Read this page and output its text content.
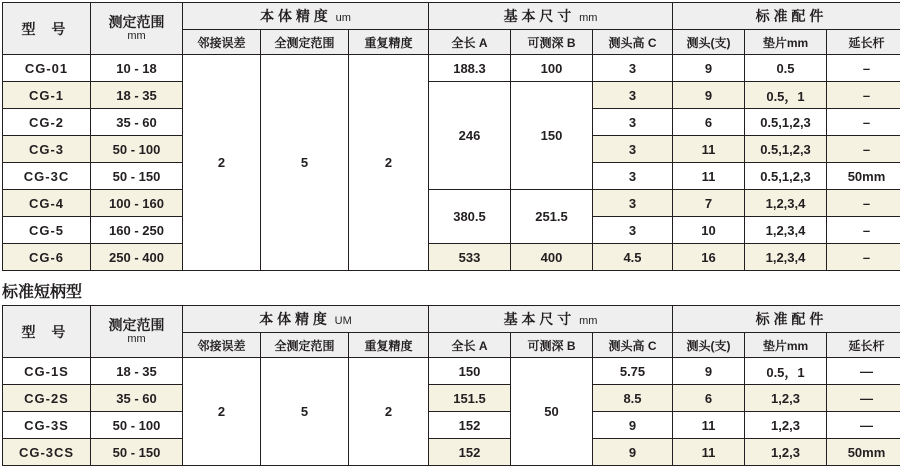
型 号	测定范围
mm	本 体 精 度 um			基 本 尺 寸 mm			标 准 配 件		
		邻接误差	全测定范围	重复精度	全长 A	可测深 B	测头高 C	测头(支)	垫片mm	延长杆
CG-01	10 - 18	2	5	2	188.3	100	3	9	0.5	–
CG-1	18 - 35				246	150	3	9	0.5，1	–
CG-2	35 - 60						3	6	0.5,1,2,3	–
CG-3	50 - 100						3	11	0.5,1,2,3	–
CG-3C	50 - 150						3	11	0.5,1,2,3	50mm
CG-4	100 - 160				380.5	251.5	3	7	1,2,3,4	–
CG-5	160 - 250						3	10	1,2,3,4	–
CG-6	250 - 400				533	400	4.5	16	1,2,3,4	–
标准短柄型
型 号	测定范围
mm	本 体 精 度 UM			基 本 尺 寸 mm			标 准 配 件		
		邻接误差	全测定范围	重复精度	全长 A	可测深 B	测头高 C	测头(支)	垫片mm	延长杆
CG-1S	18 - 35	2	5	2	150	50	5.75	9	0.5，1	—
CG-2S	35 - 60				151.5		8.5	6	1,2,3	—
CG-3S	50 - 100				152		9	11	1,2,3	—
CG-3CS	50 - 150				152		9	11	1,2,3	50mm
